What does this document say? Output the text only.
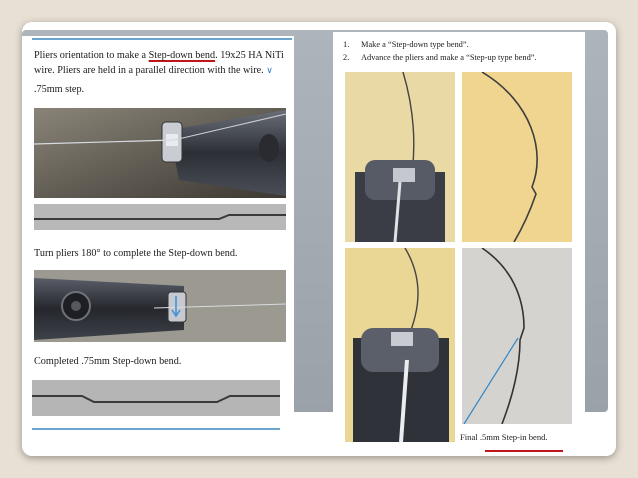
Pliers orientation to make a Step-down bend. 19x25 HA NiTi
wire. Pliers are held in a parallel direction with the wire. ∨
.75mm step.
Turn pliers 180° to complete the Step-down bend.
Completed .75mm Step-down bend.
1. Make a “Step-down type bend”.
2. Advance the pliers and make a “Step-up type bend”.
Final .5mm Step-in bend.
